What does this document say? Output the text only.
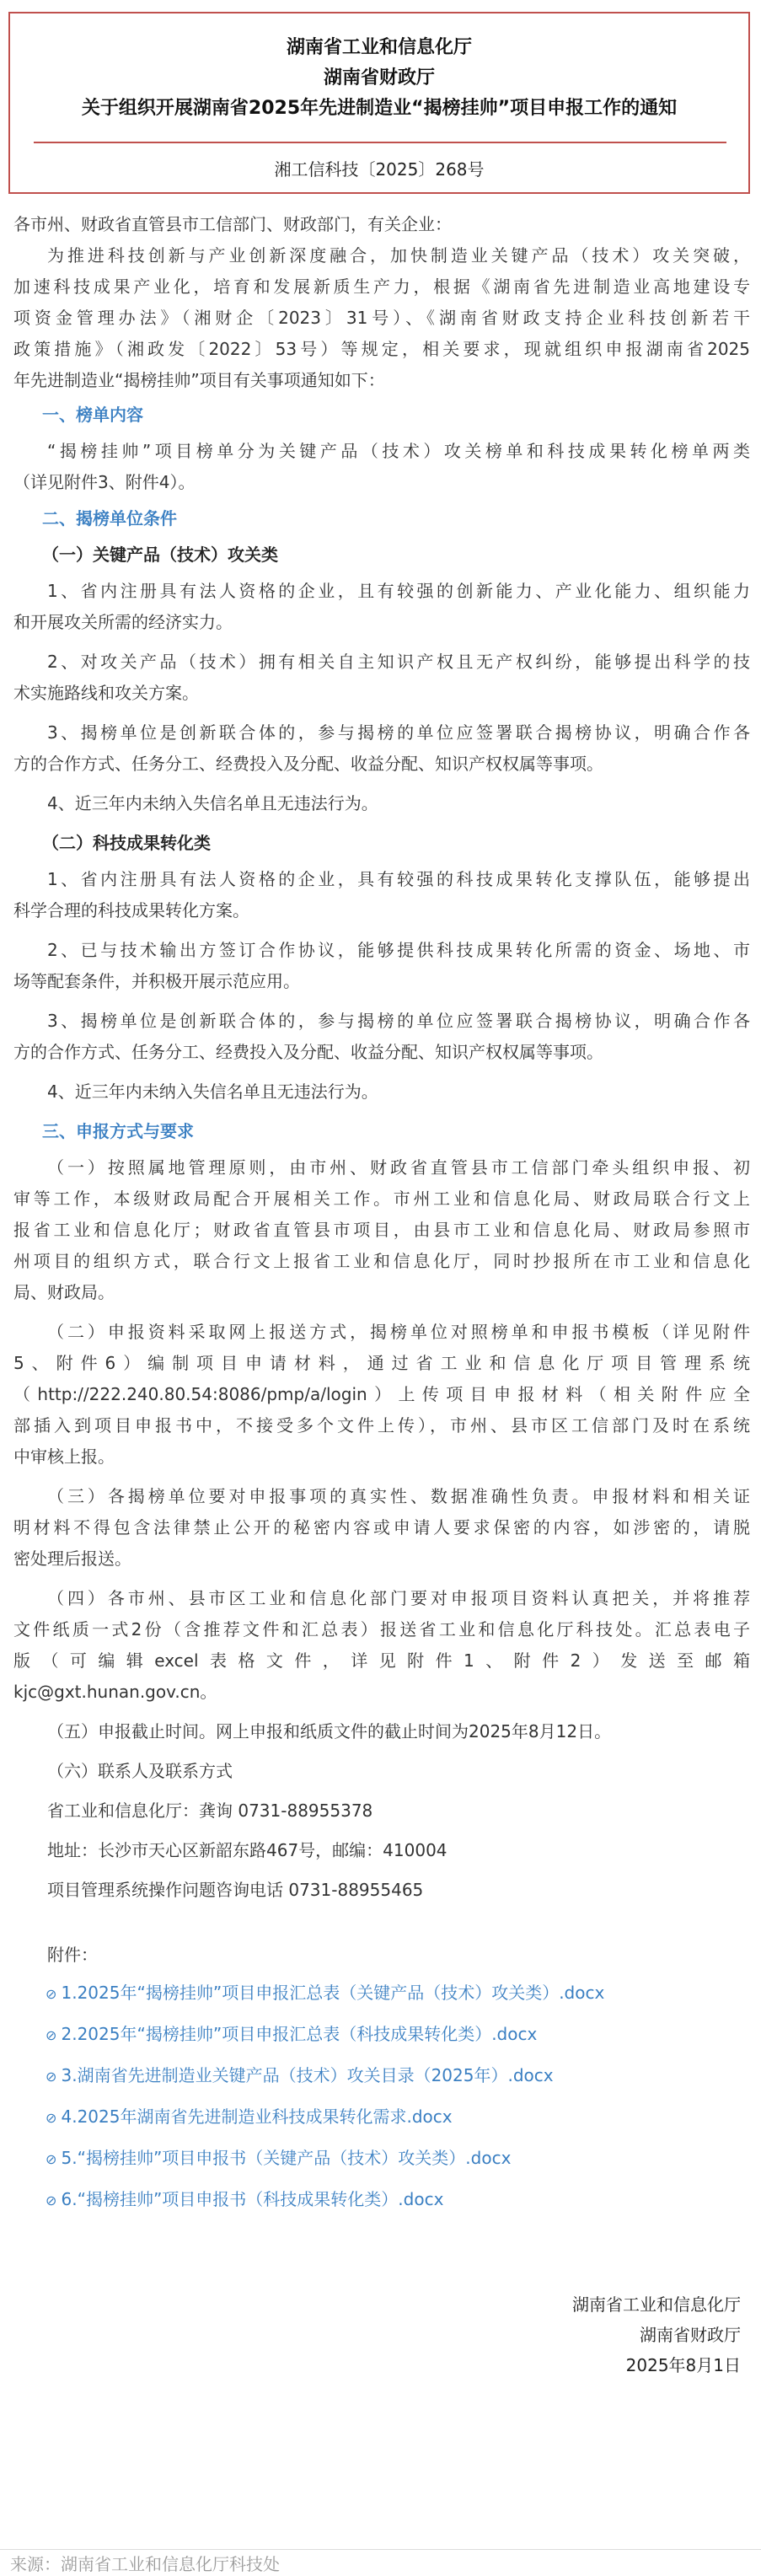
湖南省工业和信息化厅
湖南省财政厅
关于组织开展湖南省2025年先进制造业“揭榜挂帅”项目申报工作的通知
湘工信科技〔2025〕268号
来源：湖南省工业和信息化厅科技处
各市州、财政省直管县市工信部门、财政部门，有关企业：
为推进科技创新与产业创新深度融合，加快制造业关键产品（技术）攻关突破，
加速科技成果产业化，培育和发展新质生产力，根据《湖南省先进制造业高地建设专
项资金管理办法》（湘财企〔2023〕31号）、《湖南省财政支持企业科技创新若干
政策措施》（湘政发〔2022〕53号）等规定，相关要求，现就组织申报湖南省2025
年先进制造业“揭榜挂帅”项目有关事项通知如下：
一、榜单内容
“揭榜挂帅”项目榜单分为关键产品（技术）攻关榜单和科技成果转化榜单两类
（详见附件3、附件4）。
二、揭榜单位条件
（一）关键产品（技术）攻关类
1、省内注册具有法人资格的企业，且有较强的创新能力、产业化能力、组织能力
和开展攻关所需的经济实力。
2、对攻关产品（技术）拥有相关自主知识产权且无产权纠纷，能够提出科学的技
术实施路线和攻关方案。
3、揭榜单位是创新联合体的，参与揭榜的单位应签署联合揭榜协议，明确合作各
方的合作方式、任务分工、经费投入及分配、收益分配、知识产权权属等事项。
4、近三年内未纳入失信名单且无违法行为。
（二）科技成果转化类
1、省内注册具有法人资格的企业，具有较强的科技成果转化支撑队伍，能够提出
科学合理的科技成果转化方案。
2、已与技术输出方签订合作协议，能够提供科技成果转化所需的资金、场地、市
场等配套条件，并积极开展示范应用。
3、揭榜单位是创新联合体的，参与揭榜的单位应签署联合揭榜协议，明确合作各
方的合作方式、任务分工、经费投入及分配、收益分配、知识产权权属等事项。
4、近三年内未纳入失信名单且无违法行为。
三、申报方式与要求
（一）按照属地管理原则，由市州、财政省直管县市工信部门牵头组织申报、初
审等工作，本级财政局配合开展相关工作。市州工业和信息化局、财政局联合行文上
报省工业和信息化厅；财政省直管县市项目，由县市工业和信息化局、财政局参照市
州项目的组织方式，联合行文上报省工业和信息化厅，同时抄报所在市工业和信息化
局、财政局。
（二）申报资料采取网上报送方式，揭榜单位对照榜单和申报书模板（详见附件
5、附件6）编制项目申请材料，通过省工业和信息化厅项目管理系统
（http://222.240.80.54:8086/pmp/a/login）上传项目申报材料（相关附件应全
部插入到项目申报书中，不接受多个文件上传），市州、县市区工信部门及时在系统
中审核上报。
（三）各揭榜单位要对申报事项的真实性、数据准确性负责。申报材料和相关证
明材料不得包含法律禁止公开的秘密内容或申请人要求保密的内容，如涉密的，请脱
密处理后报送。
（四）各市州、县市区工业和信息化部门要对申报项目资料认真把关，并将推荐
文件纸质一式2份（含推荐文件和汇总表）报送省工业和信息化厅科技处。汇总表电子
版（可编辑excel表格文件，详见附件1、附件2）发送至邮箱
kjc@gxt.hunan.gov.cn。
（五）申报截止时间。网上申报和纸质文件的截止时间为2025年8月12日。
（六）联系人及联系方式
省工业和信息化厅：龚询 0731-88955378
地址：长沙市天心区新韶东路467号，邮编：410004
项目管理系统操作问题咨询电话 0731-88955465
附件：
⊘ 1.2025年“揭榜挂帅”项目申报汇总表（关键产品（技术）攻关类）.docx
⊘ 2.2025年“揭榜挂帅”项目申报汇总表（科技成果转化类）.docx
⊘ 3.湖南省先进制造业关键产品（技术）攻关目录（2025年）.docx
⊘ 4.2025年湖南省先进制造业科技成果转化需求.docx
⊘ 5.“揭榜挂帅”项目申报书（关键产品（技术）攻关类）.docx
⊘ 6.“揭榜挂帅”项目申报书（科技成果转化类）.docx
湖南省工业和信息化厅
湖南省财政厅
2025年8月1日
